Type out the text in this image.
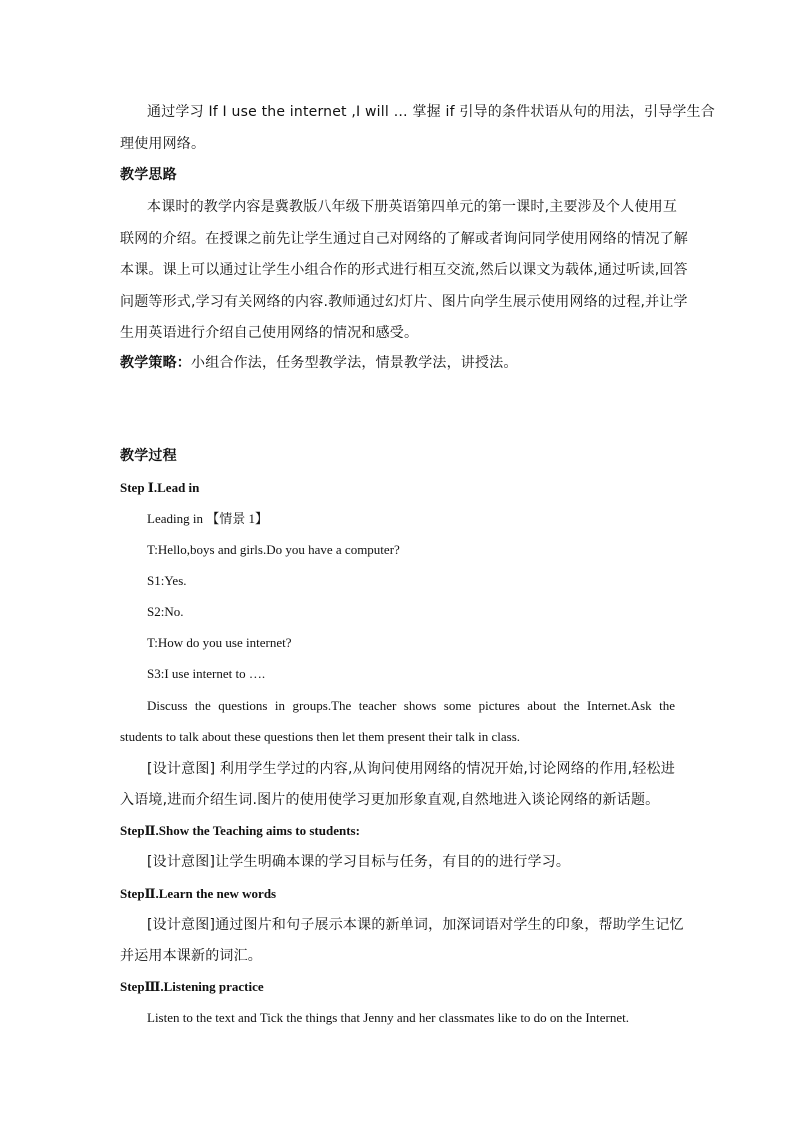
通过学习 If I use the internet ,I will … 掌握 if 引导的条件状语从句的用法，引导学生合
理使用网络。
教学思路
本课时的教学内容是冀教版八年级下册英语第四单元的第一课时,主要涉及个人使用互
联网的介绍。在授课之前先让学生通过自己对网络的了解或者询问同学使用网络的情况了解
本课。课上可以通过让学生小组合作的形式进行相互交流,然后以课文为载体,通过听读,回答
问题等形式,学习有关网络的内容.教师通过幻灯片、图片向学生展示使用网络的过程,并让学
生用英语进行介绍自己使用网络的情况和感受。
教学策略：小组合作法，任务型教学法，情景教学法，讲授法。
教学过程
Step Ⅰ.Lead in
Leading in 【情景 1】
T:Hello,boys and girls.Do you have a computer?
S1:Yes.
S2:No.
T:How do you use internet?
S3:I use internet to ….
Discuss the questions in groups.The teacher shows some pictures about the Internet.Ask the
students to talk about these questions then let them present their talk in class.
[设计意图] 利用学生学过的内容,从询问使用网络的情况开始,讨论网络的作用,轻松进
入语境,进而介绍生词.图片的使用使学习更加形象直观,自然地进入谈论网络的新话题。
StepⅡ.Show the Teaching aims to students:
[设计意图]让学生明确本课的学习目标与任务，有目的的进行学习。
StepⅡ.Learn the new words
[设计意图]通过图片和句子展示本课的新单词，加深词语对学生的印象，帮助学生记忆
并运用本课新的词汇。
StepⅢ.Listening practice
Listen to the text and Tick the things that Jenny and her classmates like to do on the Internet.
